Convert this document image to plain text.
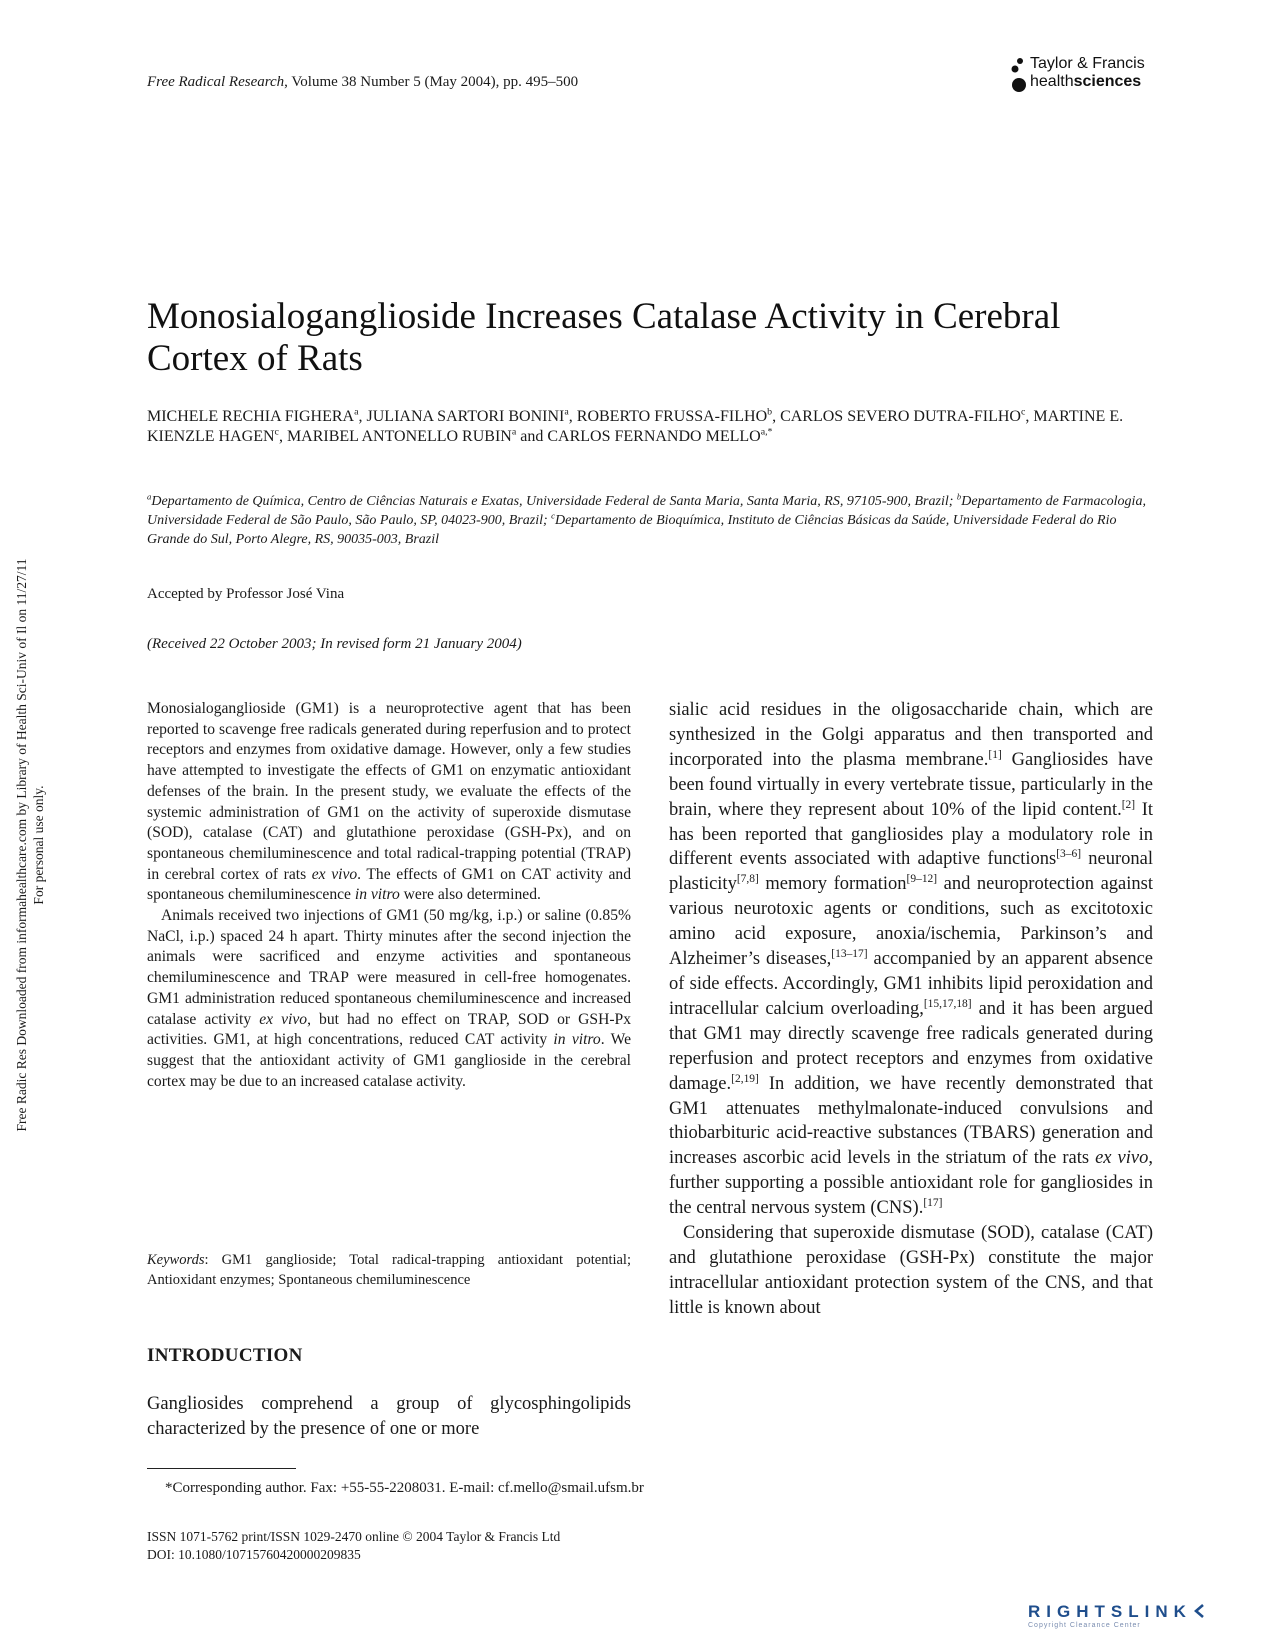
Free Radical Research, Volume 38 Number 5 (May 2004), pp. 495–500
Taylor & Francis
healthsciences
Free Radic Res Downloaded from informahealthcare.com by Library of Health Sci-Univ of Il on 11/27/11 For personal use only.
Monosialoganglioside Increases Catalase Activity in Cerebral Cortex of Rats
MICHELE RECHIA FIGHERA$^a$, JULIANA SARTORI BONINI$^a$, ROBERTO FRUSSA-FILHO$^b$, CARLOS SEVERO DUTRA-FILHO$^c$, MARTINE E. KIENZLE HAGEN$^c$, MARIBEL ANTONELLO RUBIN$^a$ and CARLOS FERNANDO $MELLO^{a,*}$
$^a$Departamento de Química, Centro de Ciências Naturais e Exatas, Universidade Federal de Santa Maria, Santa Maria, RS, 97105-900, Brazil; $^b$Departamento de Farmacologia, Universidade Federal de São Paulo, São Paulo, SP, 04023-900, Brazil; $^c$Departamento de Bioquímica, Instituto de Ciências Básicas da Saúde, Universidade Federal do Rio Grande do Sul, Porto Alegre, RS, 90035-003, Brazil
Accepted by Professor José Vina
(Received 22 October 2003; In revised form 21 January 2004)

Monosialoganglioside (GM1) is a neuroprotective agent that has been reported to scavenge free radicals generated during reperfusion and to protect receptors and enzymes from oxidative damage. However, only a few studies have attempted to investigate the effects of GM1 on enzymatic antioxidant defenses of the brain. In the present study, we evaluate the effects of the systemic administration of GM1 on the activity of superoxide dismutase (SOD), catalase (CAT) and glutathione peroxidase (GSH-Px), and on spontaneous chemiluminescence and total radical-trapping potential (TRAP) in cerebral cortex of rats ex vivo. The effects of GM1 on CAT activity and spontaneous chemiluminescence in vitro were also determined.

Animals received two injections of GM1 (50 mg/kg, i.p.) or saline (0.85% NaCl, i.p.) spaced 24 h apart. Thirty minutes after the second injection the animals were sacrificed and enzyme activities and spontaneous chemiluminescence and TRAP were measured in cell-free homogenates. GM1 administration reduced spontaneous chemiluminescence and increased catalase activity ex vivo, but had no effect on TRAP, SOD or GSH-Px activities. GM1, at high concentrations, reduced CAT activity in vitro. We suggest that the antioxidant activity of GM1 ganglioside in the cerebral cortex may be due to an increased catalase activity.

Keywords: GM1 ganglioside; Total radical-trapping antioxidant potential; Antioxidant enzymes; Spontaneous chemiluminescence
INTRODUCTION
Gangliosides comprehend a group of glycosphingolipids characterized by the presence of one or more

sialic acid residues in the oligosaccharide chain, which are synthesized in the Golgi apparatus and then transported and incorporated into the plasma membrane.[1] Gangliosides have been found virtually in every vertebrate tissue, particularly in the brain, where they represent about 10% of the lipid content.[2] It has been reported that gangliosides play a modulatory role in different events associated with adaptive functions[3–6] neuronal plasticity[7,8] memory formation[9–12] and neuroprotection against various neurotoxic agents or conditions, such as excitotoxic amino acid exposure, anoxia/ischemia, Parkinson’s and Alzheimer’s diseases,[13–17] accompanied by an apparent absence of side effects. Accordingly, GM1 inhibits lipid peroxidation and intracellular calcium overloading,[15,17,18] and it has been argued that GM1 may directly scavenge free radicals generated during reperfusion and protect receptors and enzymes from oxidative damage.[2,19] In addition, we have recently demonstrated that GM1 attenuates methylmalonate-induced convulsions and thiobarbituric acid-reactive substances (TBARS) generation and increases ascorbic acid levels in the striatum of the rats ex vivo, further supporting a possible antioxidant role for gangliosides in the central nervous system (CNS).[17]

Considering that superoxide dismutase (SOD), catalase (CAT) and glutathione peroxidase (GSH-Px) constitute the major intracellular antioxidant protection system of the CNS, and that little is known about

*Corresponding author. Fax: +55-55-2208031. E-mail: cf.mello@smail.ufsm.br
ISSN 1071-5762 print/ISSN 1029-2470 online © 2004 Taylor & Francis Ltd
DOI: 10.1080/10715760420000209835
RIGHTSLINK
Copyright Clearance Center
